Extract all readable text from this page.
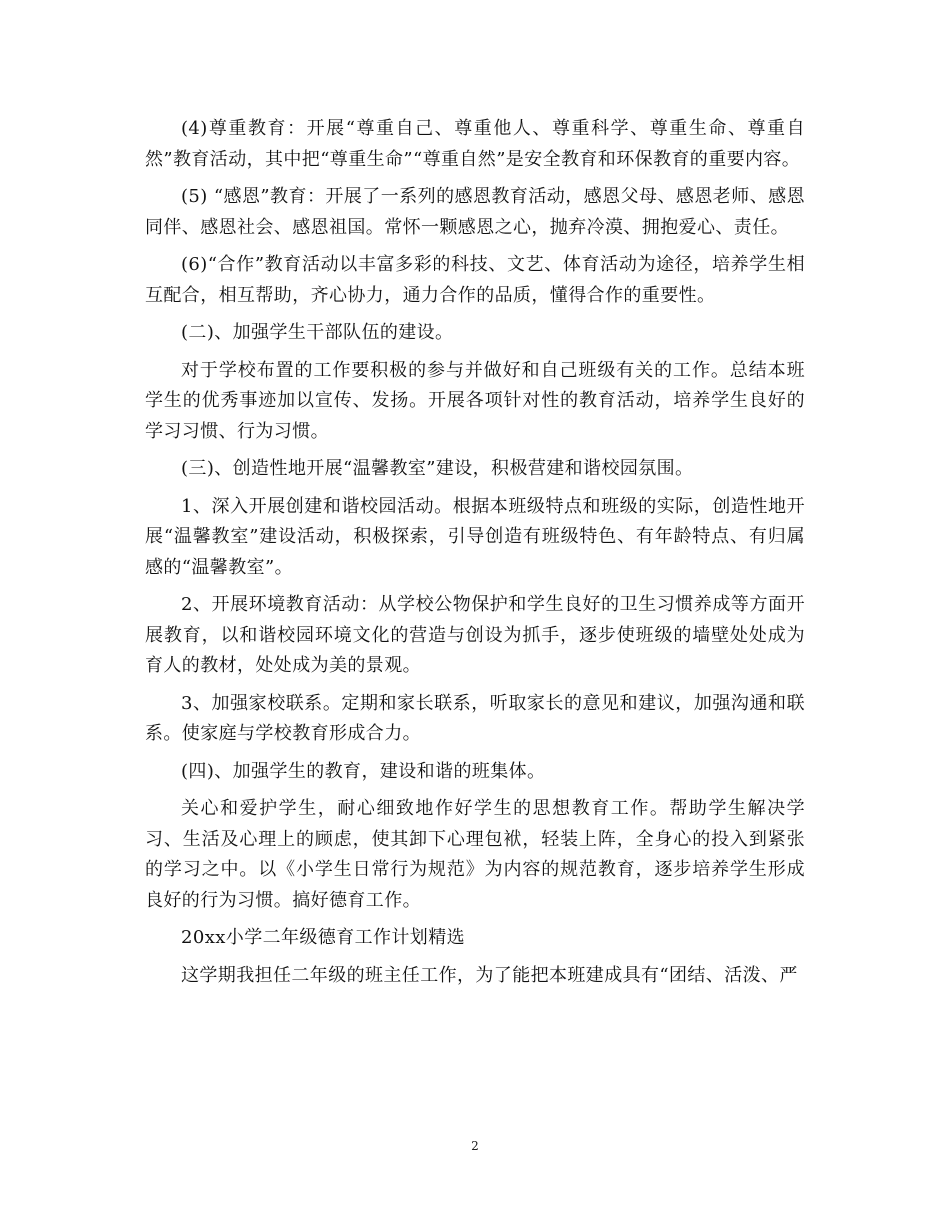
(4)尊重教育：开展“尊重自己、尊重他人、尊重科学、尊重生命、尊重自然”教育活动，其中把“尊重生命”“尊重自然”是安全教育和环保教育的重要内容。

(5) “感恩”教育：开展了一系列的感恩教育活动，感恩父母、感恩老师、感恩同伴、感恩社会、感恩祖国。常怀一颗感恩之心，抛弃冷漠、拥抱爱心、责任。

(6)“合作”教育活动以丰富多彩的科技、文艺、体育活动为途径，培养学生相互配合，相互帮助，齐心协力，通力合作的品质，懂得合作的重要性。

(二)、加强学生干部队伍的建设。

对于学校布置的工作要积极的参与并做好和自己班级有关的工作。总结本班学生的优秀事迹加以宣传、发扬。开展各项针对性的教育活动，培养学生良好的学习习惯、行为习惯。

(三)、创造性地开展“温馨教室”建设，积极营建和谐校园氛围。

1、深入开展创建和谐校园活动。根据本班级特点和班级的实际，创造性地开展“温馨教室”建设活动，积极探索，引导创造有班级特色、有年龄特点、有归属感的“温馨教室”。

2、开展环境教育活动：从学校公物保护和学生良好的卫生习惯养成等方面开展教育，以和谐校园环境文化的营造与创设为抓手，逐步使班级的墙壁处处成为育人的教材，处处成为美的景观。

3、加强家校联系。定期和家长联系，听取家长的意见和建议，加强沟通和联系。使家庭与学校教育形成合力。

(四)、加强学生的教育，建设和谐的班集体。

关心和爱护学生，耐心细致地作好学生的思想教育工作。帮助学生解决学习、生活及心理上的顾虑，使其卸下心理包袱，轻装上阵，全身心的投入到紧张的学习之中。以《小学生日常行为规范》为内容的规范教育，逐步培养学生形成良好的行为习惯。搞好德育工作。

20xx小学二年级德育工作计划精选

这学期我担任二年级的班主任工作，为了能把本班建成具有“团结、活泼、严

2
